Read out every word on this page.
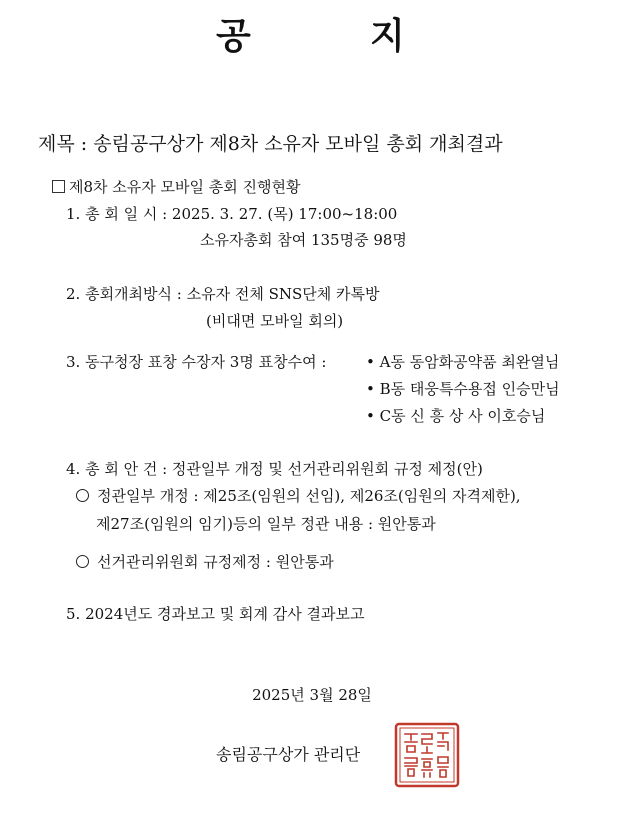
공	지
제목 : 송림공구상가 제8차 소유자 모바일 총회 개최결과
제8차 소유자 모바일 총회 진행현황
1. 총 회 일 시 : 2025. 3. 27. (목) 17:00~18:00
소유자총회 참여 135명중 98명
2. 총회개최방식 : 소유자 전체 SNS단체 카톡방
(비대면 모바일 회의)
3. 동구청장 표창 수장자 3명 표창수여 :	• A동 동암화공약품 최완열님
• B동 태웅특수용접 인승만님
• C동 신 흥 상 사 이호승님
4. 총 회 안 건 : 정관일부 개정 및 선거관리위원회 규정 제정(안)
정관일부 개정 : 제25조(임원의 선임), 제26조(임원의 자격제한),
제27조(임원의 임기)등의 일부 정관 내용 : 원안통과
선거관리위원회 규정제정 : 원안통과
5. 2024년도 경과보고 및 회계 감사 결과보고
2025년 3월 28일
송림공구상가 관리단
